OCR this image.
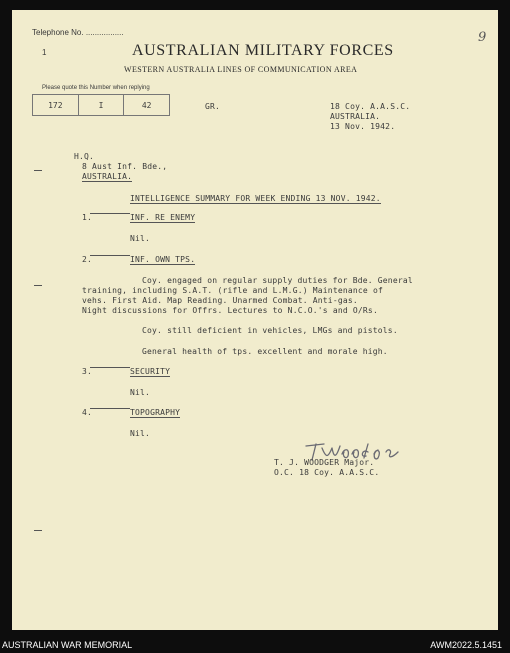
Telephone No. .................
1
9
AUSTRALIAN MILITARY FORCES
WESTERN AUSTRALIA LINES OF COMMUNICATION AREA
Please quote this Number when replying
172	I	42	GR.	18 Coy. A.A.S.C.
AUSTRALIA.
13 Nov. 1942.
H.Q.
8 Aust Inf. Bde.,
AUSTRALIA.
INTELLIGENCE SUMMARY FOR WEEK ENDING 13 NOV. 1942.
1.	INF. RE ENEMY
Nil.
2.	INF. OWN TPS.
Coy. engaged on regular supply duties for Bde. General
training, including S.A.T. (rifle and L.M.G.) Maintenance of
vehs. First Aid. Map Reading. Unarmed Combat. Anti-gas.
Night discussions for Offrs. Lectures to N.C.O.'s and O/Rs.
Coy. still deficient in vehicles, LMGs and pistols.
General health of tps. excellent and morale high.
3.	SECURITY
Nil.
4.	TOPOGRAPHY
Nil.
T. J. WOODGER Major.
O.C. 18 Coy. A.A.S.C.
AUSTRALIAN WAR MEMORIAL	AWM2022.5.1451
